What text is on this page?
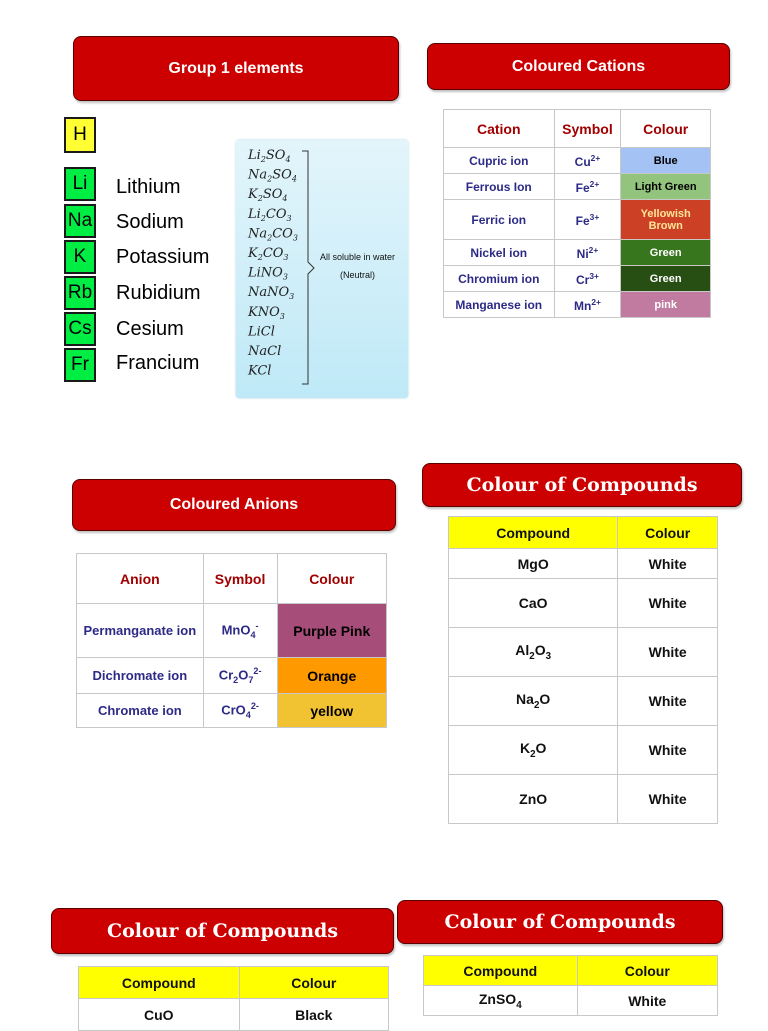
Group 1 elements
H
Li Lithium
Na Sodium
K Potassium
Rb Rubidium
Cs Cesium
Fr Francium
$Li_2SO_4$
$Na_2SO_4$
$K_2SO_4$
$Li_2CO_3$
$Na_2CO_3$
$K_2CO_3$
LiNO$_3$
NaNO$_3$
$KNO_3$
LiCl
NaCl
KCl
All soluble in water
(Neutral)
Coloured Cations
Cation	Symbol	Colour
Cupric ion	$Cu^{2+}$	Blue
Ferrous Ion	$Fe^{2+}$	Light Green
Ferric ion	$Fe^{3+}$	Yellowish Brown
Nickel ion	$Ni^{2+}$	Green
Chromium ion	$Cr^{3+}$	Green
Manganese ion	$Mn^{2+}$	pink
Coloured Anions
Anion	Symbol	Colour
Permanganate ion	MnO$_4$-	Purple Pink
Dichromate ion	$Cr_2O_7^{2-}$	Orange
Chromate ion	CrO$_4^{2-}$	yellow
Colour of Compounds
Compound	Colour
MgO	White
CaO	White
$Al_2O_3$	White
$Na_2O$	White
$K_2O$	White
ZnO	White
Colour of Compounds
Compound	Colour
CuO	Black
Colour of Compounds
Compound	Colour
ZnSO$_4$	White
